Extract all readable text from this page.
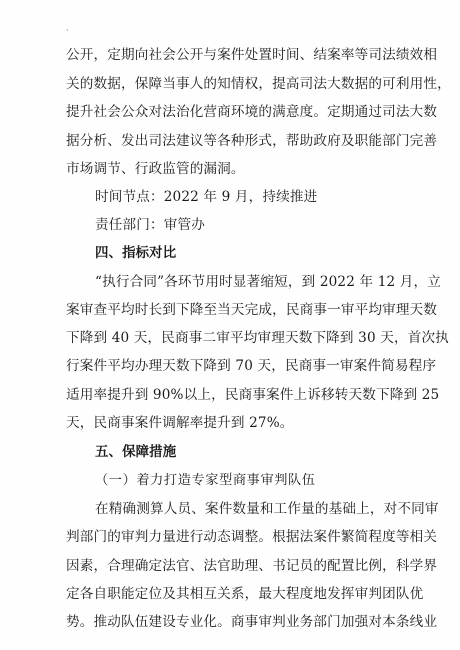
·
公开，定期向社会公开与案件处置时间、结案率等司法绩效相
关的数据，保障当事人的知情权，提高司法大数据的可利用性，
提升社会公众对法治化营商环境的满意度。定期通过司法大数
据分析、发出司法建议等各种形式，帮助政府及职能部门完善
市场调节、行政监管的漏洞。
时间节点：2022 年 9 月，持续推进
责任部门：审管办
四、指标对比
“执行合同”各环节用时显著缩短，到 2022 年 12 月，立
案审查平均时长到下降至当天完成，民商事一审平均审理天数
下降到 40 天，民商事二审平均审理天数下降到 30 天，首次执
行案件平均办理天数下降到 70 天，民商事一审案件简易程序
适用率提升到 90%以上，民商事案件上诉移转天数下降到 25
天，民商事案件调解率提升到 27%。
五、保障措施
（一）着力打造专家型商事审判队伍
在精确测算人员、案件数量和工作量的基础上，对不同审
判部门的审判力量进行动态调整。根据法案件繁简程度等相关
因素，合理确定法官、法官助理、书记员的配置比例，科学界
定各自职能定位及其相互关系，最大程度地发挥审判团队优
势。推动队伍建设专业化。商事审判业务部门加强对本条线业
